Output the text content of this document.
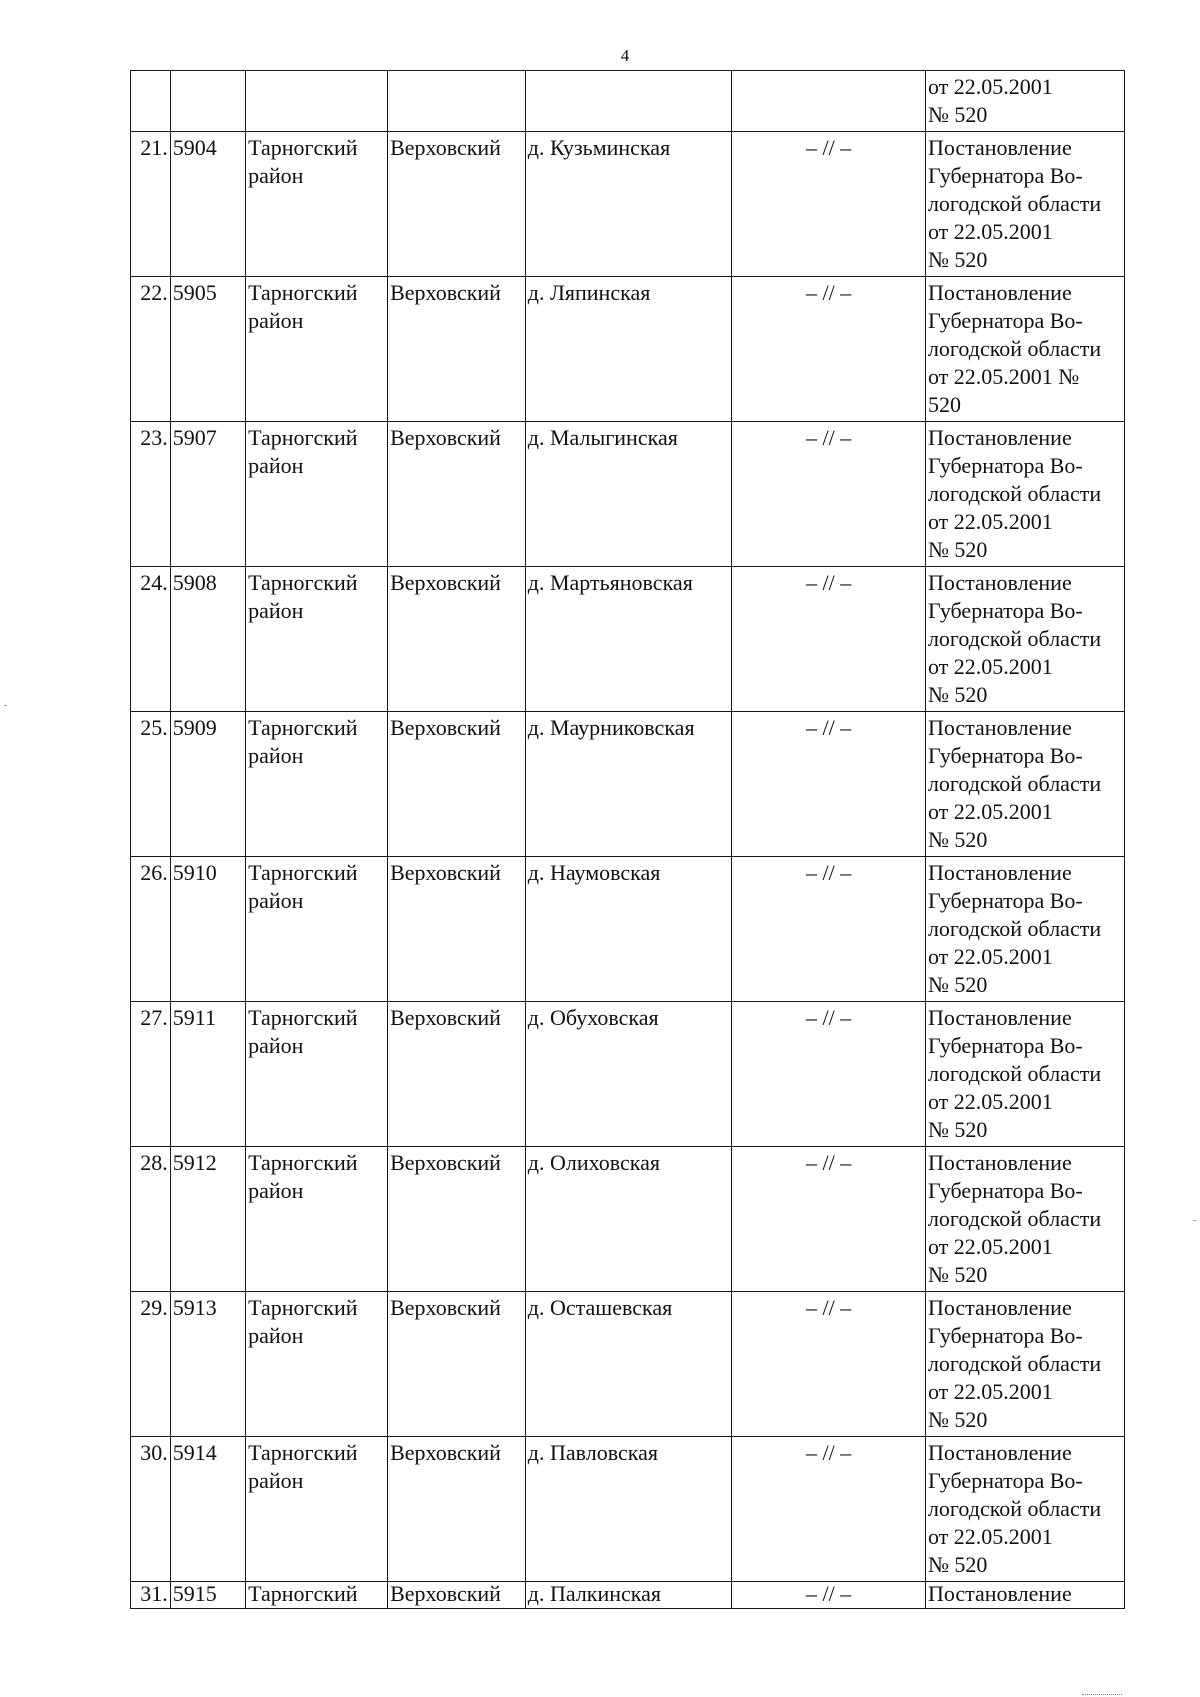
4

						от 22.05.2001
№ 520

21.	5904	Тарногский район	Верховский	д. Кузьминская	– // –	Постановление
Губернатора Во-
логодской области
от 22.05.2001
№ 520

22.	5905	Тарногский район	Верховский	д. Ляпинская	– // –	Постановление
Губернатора Во-
логодской области
от 22.05.2001 №
520

23.	5907	Тарногский район	Верховский	д. Малыгинская	– // –	Постановление
Губернатора Во-
логодской области
от 22.05.2001
№ 520

24.	5908	Тарногский район	Верховский	д. Мартьяновская	– // –	Постановление
Губернатора Во-
логодской области
от 22.05.2001
№ 520

25.	5909	Тарногский район	Верховский	д. Маурниковская	– // –	Постановление
Губернатора Во-
логодской области
от 22.05.2001
№ 520

26.	5910	Тарногский район	Верховский	д. Наумовская	– // –	Постановление
Губернатора Во-
логодской области
от 22.05.2001
№ 520

27.	5911	Тарногский район	Верховский	д. Обуховская	– // –	Постановление
Губернатора Во-
логодской области
от 22.05.2001
№ 520

28.	5912	Тарногский район	Верховский	д. Олиховская	– // –	Постановление
Губернатора Во-
логодской области
от 22.05.2001
№ 520

29.	5913	Тарногский район	Верховский	д. Осташевская	– // –	Постановление
Губернатора Во-
логодской области
от 22.05.2001
№ 520

30.	5914	Тарногский район	Верховский	д. Павловская	– // –	Постановление
Губернатора Во-
логодской области
от 22.05.2001
№ 520

31.	5915	Тарногский	Верховский	д. Палкинская	– // –	Постановление
